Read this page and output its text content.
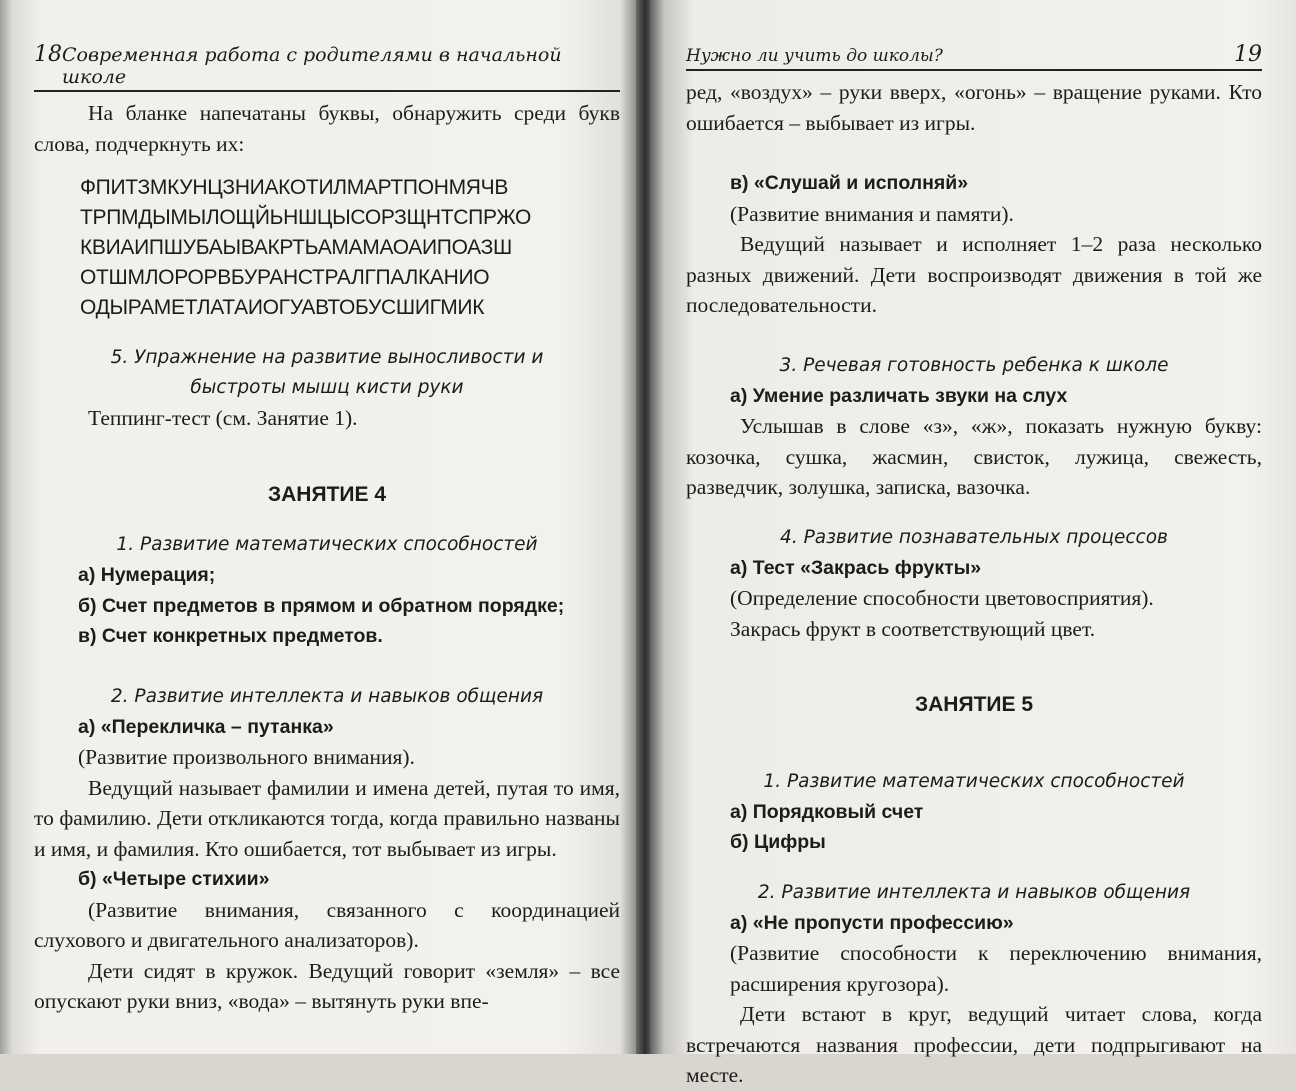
18 Современная работа с родителями в начальной школе

На бланке напечатаны буквы, обнаружить среди букв слова, подчеркнуть их:

ФПИТЗМКУНЦЗНИАКОТИЛМАРТПОНМЯЧВ
ТРПМДЫМЫЛОЩЙЬНШЦЫСОРЗЩНТСПРЖО
КВИАИПШУБАЫВАКРТЬАМАМАОАИПОАЗШ
ОТШМЛОРОРВБУРАНСТРАЛГПАЛКАНИО
ОДЫРАМЕТЛАТАИОГУАВТОБУСШИГМИК

5. Упражнение на развитие выносливости и

быстроты мышц кисти руки

Теппинг-тест (см. Занятие 1).

ЗАНЯТИЕ 4

1. Развитие математических способностей

а) Нумерация;

б) Счет предметов в прямом и обратном порядке;

в) Счет конкретных предметов.

2. Развитие интеллекта и навыков общения

а) «Перекличка – путанка»

(Развитие произвольного внимания).

Ведущий называет фамилии и имена детей, путая то имя, то фамилию. Дети откликаются тогда, когда правильно названы и имя, и фамилия. Кто ошибается, тот выбывает из игры.

б) «Четыре стихии»

(Развитие внимания, связанного с координацией слухового и двигательного анализаторов).

Дети сидят в кружок. Ведущий говорит «земля» – все опускают руки вниз, «вода» – вытянуть руки впе-

Нужно ли учить до школы?	19

ред, «воздух» – руки вверх, «огонь» – вращение руками. Кто ошибается – выбывает из игры.

в) «Слушай и исполняй»

(Развитие внимания и памяти).

Ведущий называет и исполняет 1–2 раза несколько разных движений. Дети воспроизводят движения в той же последовательности.

3. Речевая готовность ребенка к школе

а) Умение различать звуки на слух

Услышав в слове «з», «ж», показать нужную букву: козочка, сушка, жасмин, свисток, лужица, свежесть, разведчик, золушка, записка, вазочка.

4. Развитие познавательных процессов

а) Тест «Закрась фрукты»

(Определение способности цветовосприятия).

Закрась фрукт в соответствующий цвет.

ЗАНЯТИЕ 5

1. Развитие математических способностей

а) Порядковый счет

б) Цифры

2. Развитие интеллекта и навыков общения

а) «Не пропусти профессию»

(Развитие способности к переключению внимания, расширения кругозора).

Дети встают в круг, ведущий читает слова, когда встречаются названия профессии, дети подпрыгивают на месте.
